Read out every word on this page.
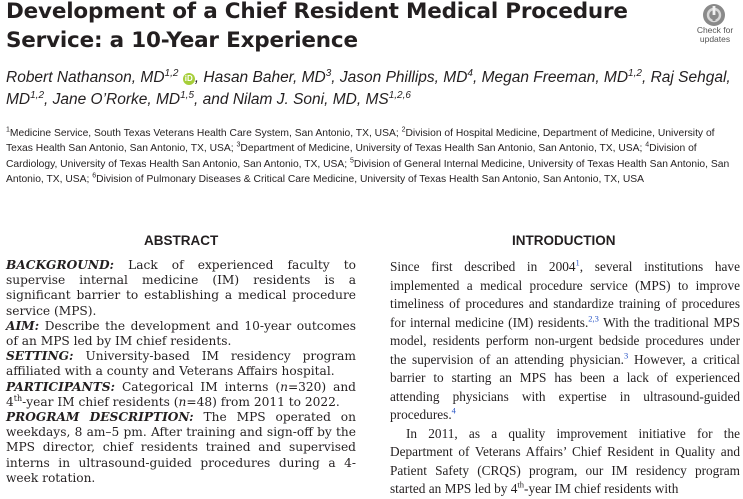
Development of a Chief Resident Medical Procedure Service: a 10-Year Experience	Check for
updates
Robert Nathanson, MD$^{1,2}$ iD , Hasan Baher, $MD^3$, Jason Phillips, $MD^4$, Megan Freeman, MD$^{1,2}$, Raj Sehgal, MD$^{1,2}$, Jane O’Rorke, MD$^{1,5}$, and Nilam J. Soni, MD, MS$^{1,2,6}$
$^1$Medicine Service, South Texas Veterans Health Care System, San Antonio, TX, USA; $^2$Division of Hospital Medicine, Department of Medicine, University of Texas Health San Antonio, San Antonio, TX, USA; $^3$Department of Medicine, University of Texas Health San Antonio, San Antonio, TX, USA; $^4$Division of Cardiology, University of Texas Health San Antonio, San Antonio, TX, USA; $^5$Division of General Internal Medicine, University of Texas Health San Antonio, San Antonio, TX, USA; $^6$Division of Pulmonary Diseases & Critical Care Medicine, University of Texas Health San Antonio, San Antonio, TX, USA
ABSTRACT	INTRODUCTION

BACKGROUND: Lack of experienced faculty to supervise internal medicine (IM) residents is a significant barrier to establishing a medical procedure service (MPS).

AIM: Describe the development and 10-year outcomes of an MPS led by IM chief residents.

SETTING: University-based IM residency program affiliated with a county and Veterans Affairs hospital.

PARTICIPANTS: Categorical IM interns (n=320) and 4th-year IM chief residents (n=48) from 2011 to 2022.

PROGRAM DESCRIPTION: The MPS operated on weekdays, 8 am–5 pm. After training and sign-off by the MPS director, chief residents trained and supervised interns in ultrasound-guided procedures during a 4-week rotation.

Since first described in 2004$^1$, several institutions have implemented a medical procedure service (MPS) to improve timeliness of procedures and standardize training of procedures for internal medicine (IM) residents.$^{2,3}$ With the traditional MPS model, residents perform non-urgent bedside procedures under the supervision of an attending physician.$^3$ However, a critical barrier to starting an MPS has been a lack of experienced attending physicians with expertise in ultrasound-guided procedures.$^4$

In 2011, as a quality improvement initiative for the Department of Veterans Affairs’ Chief Resident in Quality and Patient Safety (CRQS) program, our IM residency program started an MPS led by 4th-year IM chief residents with
